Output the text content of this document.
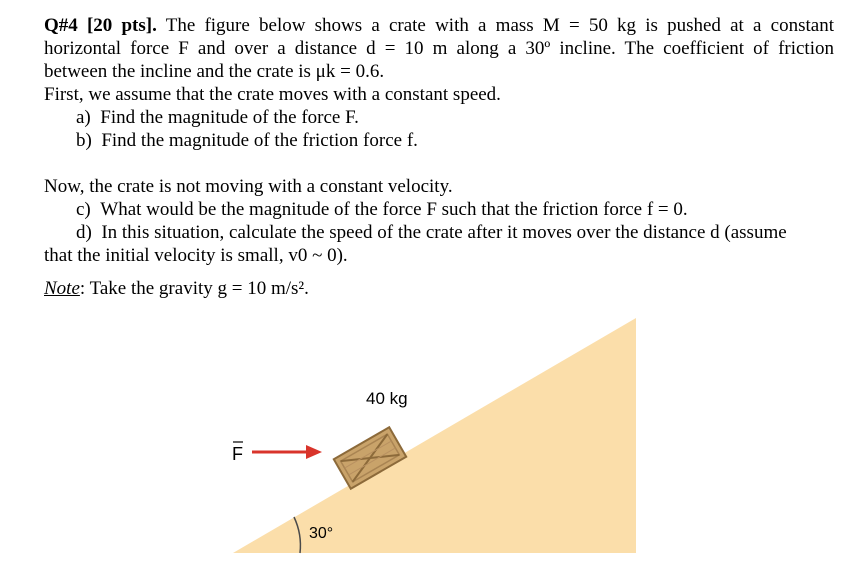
Q#4 [20 pts]. The figure below shows a crate with a mass M = 50 kg is pushed at a constant
horizontal force F and over a distance d = 10 m along a 30º incline. The coefficient of friction
between the incline and the crate is μk = 0.6.
First, we assume that the crate moves with a constant speed.
a) Find the magnitude of the force F.
b) Find the magnitude of the friction force f.
Now, the crate is not moving with a constant velocity.
c) What would be the magnitude of the force F such that the friction force f = 0.
d) In this situation, calculate the speed of the crate after it moves over the distance d (assume
that the initial velocity is small, v0 ~ 0).
Note: Take the gravity g = 10 m/s².
30°
40 kg
F
